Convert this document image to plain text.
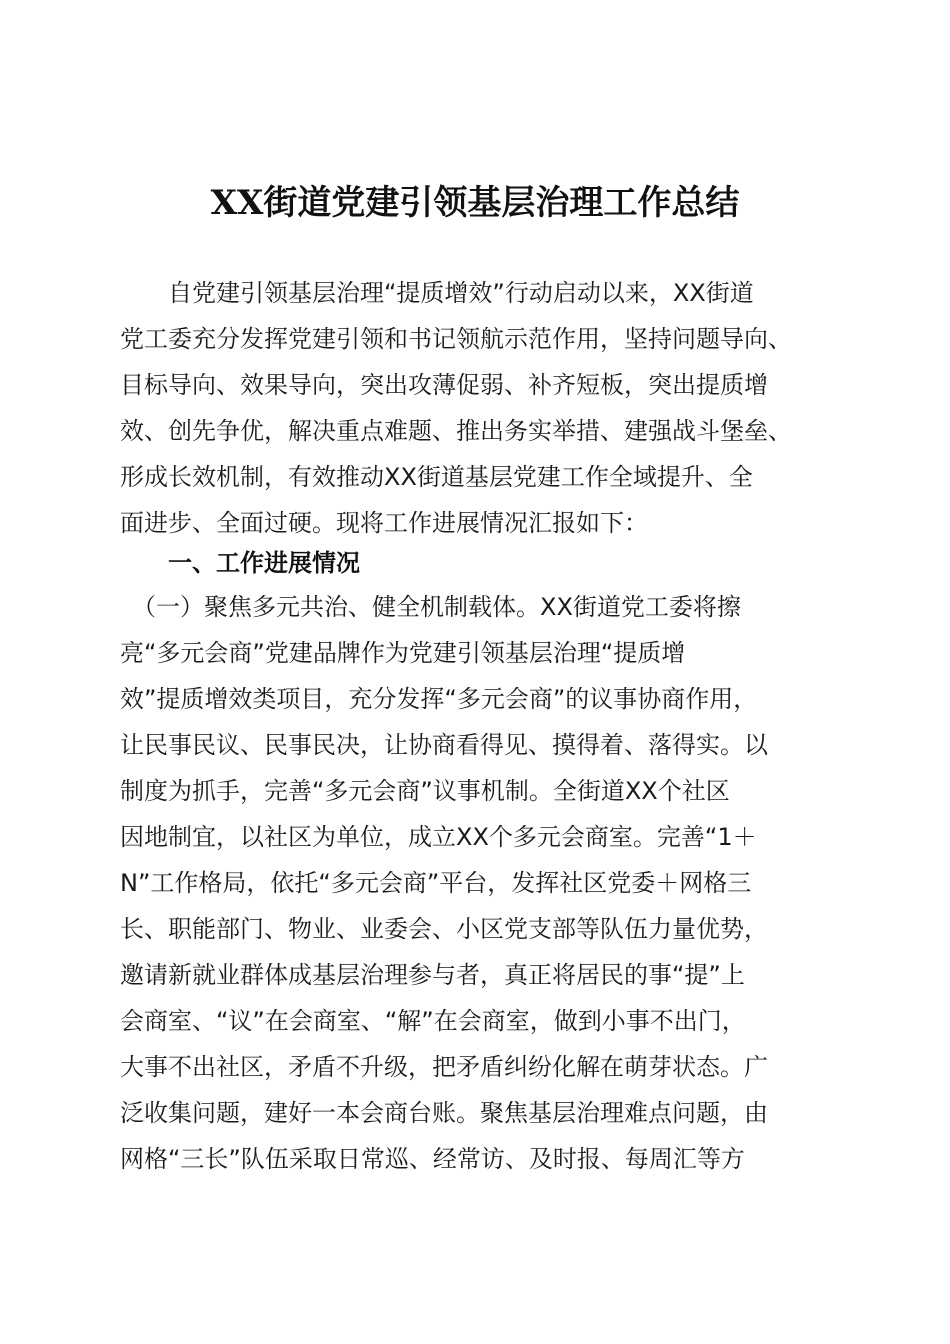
XX街道党建引领基层治理工作总结
　　自党建引领基层治理“提质增效”行动启动以来，XX街道
党工委充分发挥党建引领和书记领航示范作用，坚持问题导向、
目标导向、效果导向，突出攻薄促弱、补齐短板，突出提质增
效、创先争优，解决重点难题、推出务实举措、建强战斗堡垒、
形成长效机制，有效推动XX街道基层党建工作全域提升、全
面进步、全面过硬。现将工作进展情况汇报如下：
一、工作进展情况
　（一）聚焦多元共治、健全机制载体。XX街道党工委将擦
亮“多元会商”党建品牌作为党建引领基层治理“提质增
效”提质增效类项目，充分发挥“多元会商”的议事协商作用，
让民事民议、民事民决，让协商看得见、摸得着、落得实。以
制度为抓手，完善“多元会商”议事机制。全街道XX个社区
因地制宜，以社区为单位，成立XX个多元会商室。完善“1＋
N”工作格局，依托“多元会商”平台，发挥社区党委＋网格三
长、职能部门、物业、业委会、小区党支部等队伍力量优势，
邀请新就业群体成基层治理参与者，真正将居民的事“提”上
会商室、“议”在会商室、“解”在会商室，做到小事不出门，
大事不出社区，矛盾不升级，把矛盾纠纷化解在萌芽状态。广
泛收集问题，建好一本会商台账。聚焦基层治理难点问题，由
网格“三长”队伍采取日常巡、经常访、及时报、每周汇等方
